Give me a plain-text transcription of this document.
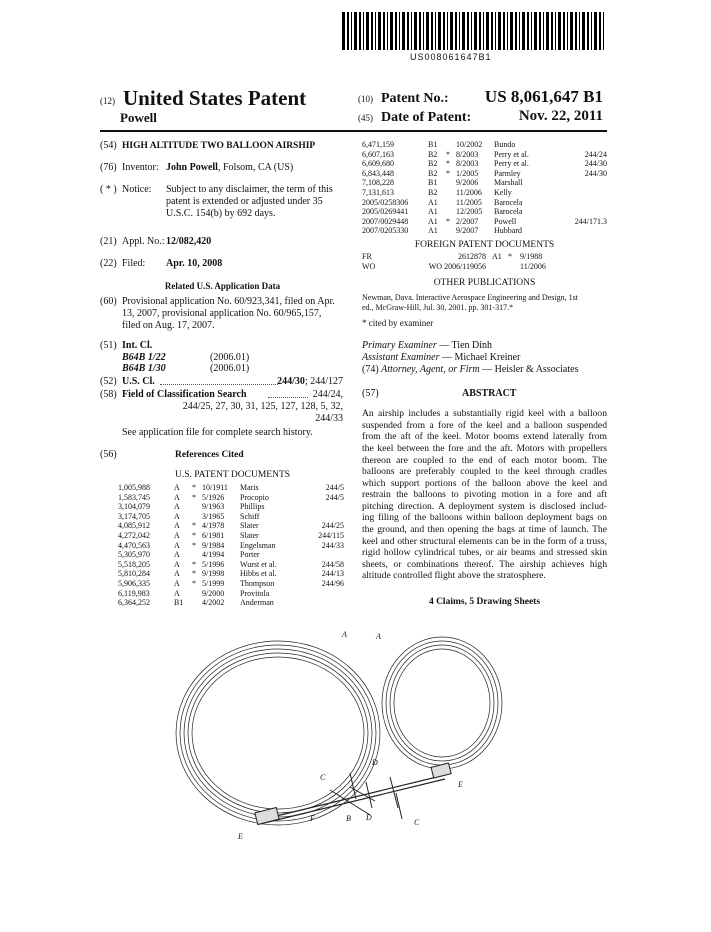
US008061647B1
(12) United States Patent
Powell
(10) Patent No.: US 8,061,647 B1
(45) Date of Patent:	Nov. 22, 2011
(54) HIGH ALTITUDE TWO BALLOON AIRSHIP
(76) Inventor: John Powell, Folsom, CA (US)
( * ) Notice: Subject to any disclaimer, the term of this
patent is extended or adjusted under 35
U.S.C. 154(b) by 692 days.
(21) Appl. No.: 12/082,420
(22) Filed: Apr. 10, 2008
Related U.S. Application Data
(60) Provisional application No. 60/923,341, filed on Apr.
13, 2007, provisional application No. 60/965,157,
filed on Aug. 17, 2007.
(51) Int. Cl.
B64B 1/22	(2006.01)
B64B 1/30	(2006.01)
(52) U.S. Cl.	244/30; 244/127
(58) Field of Classification Search	244/24,
244/25, 27, 30, 31, 125, 127, 128, 5, 32,
244/33
See application file for complete search history.
(56)	References Cited
U.S. PATENT DOCUMENTS
1,005,988	A	* 10/1911	Maris	244/5
1,583,745	A	* 5/1926	Procopio	244/5
3,104,079	A	9/1963	Phillips
3,174,705	A	3/1965	Schiff
4,085,912	A	* 4/1978	Slater	244/25
4,272,042	A	* 6/1981	Slater	244/115
4,470,563	A	* 9/1984	Engelsman	244/33
5,305,970	A	4/1994	Porter
5,518,205	A	* 5/1996	Wurst et al.	244/58
5,810,284	A	* 9/1998	Hibbs et al.	244/13
5,906,335	A	* 5/1999	Thompson	244/96
6,119,983	A	9/2000	Provitola
6,364,252	B1	4/2002	Anderman
6,471,159	B1	10/2002	Bundo
6,607,163	B2	* 8/2003	Perry et al.	244/24
6,609,680	B2	* 8/2003	Perry et al.	244/30
6,843,448	B2	* 1/2005	Parmley	244/30
7,108,228	B1	9/2006	Marshall
7,131,613	B2	11/2006	Kelly
2005/0258306	A1	11/2005	Barocela
2005/0269441	A1	12/2005	Barocela
2007/0029448	A1	* 2/2007	Powell	244/171.3
2007/0205330	A1	9/2007	Hubbard
FOREIGN PATENT DOCUMENTS
FR	2612878 A1 *	9/1988
WO	WO 2006/119056	11/2006
OTHER PUBLICATIONS
Newman, Dava. Interactive Aerospace Engineering and Design, 1st
ed., McGraw-Hill, Jul. 30, 2001. pp. 301-317.*
* cited by examiner
Primary Examiner — Tien Dinh
Assistant Examiner — Michael Kreiner
(74) Attorney, Agent, or Firm — Heisler & Associates
(57)	ABSTRACT
An airship includes a substantially rigid keel with a balloon
suspended from a fore of the keel and a balloon suspended
from the aft of the keel. Motor booms extend laterally from
the keel between the fore and the aft. Motors with propellers
thereon are coupled to the end of each motor boom. The
balloons are preferably coupled to the keel through cradles
which support portions of the balloon above the keel and
restrain the balloons to pivoting motion in a fore and aft
pitching direction. A deployment system is disclosed includ-
ing filing of the balloons within balloon deployment bags on
the ground, and then opening the bags at time of launch. The
keel and other structural elements can be in the form of a truss,
rigid hollow cylindrical tubes, or air beams and stressed skin
sheets, or combinations thereof. The airship achieves high
altitude controlled flight above the stratosphere.
4 Claims, 5 Drawing Sheets
A	A
B
C
C
D
D
E
E
F
